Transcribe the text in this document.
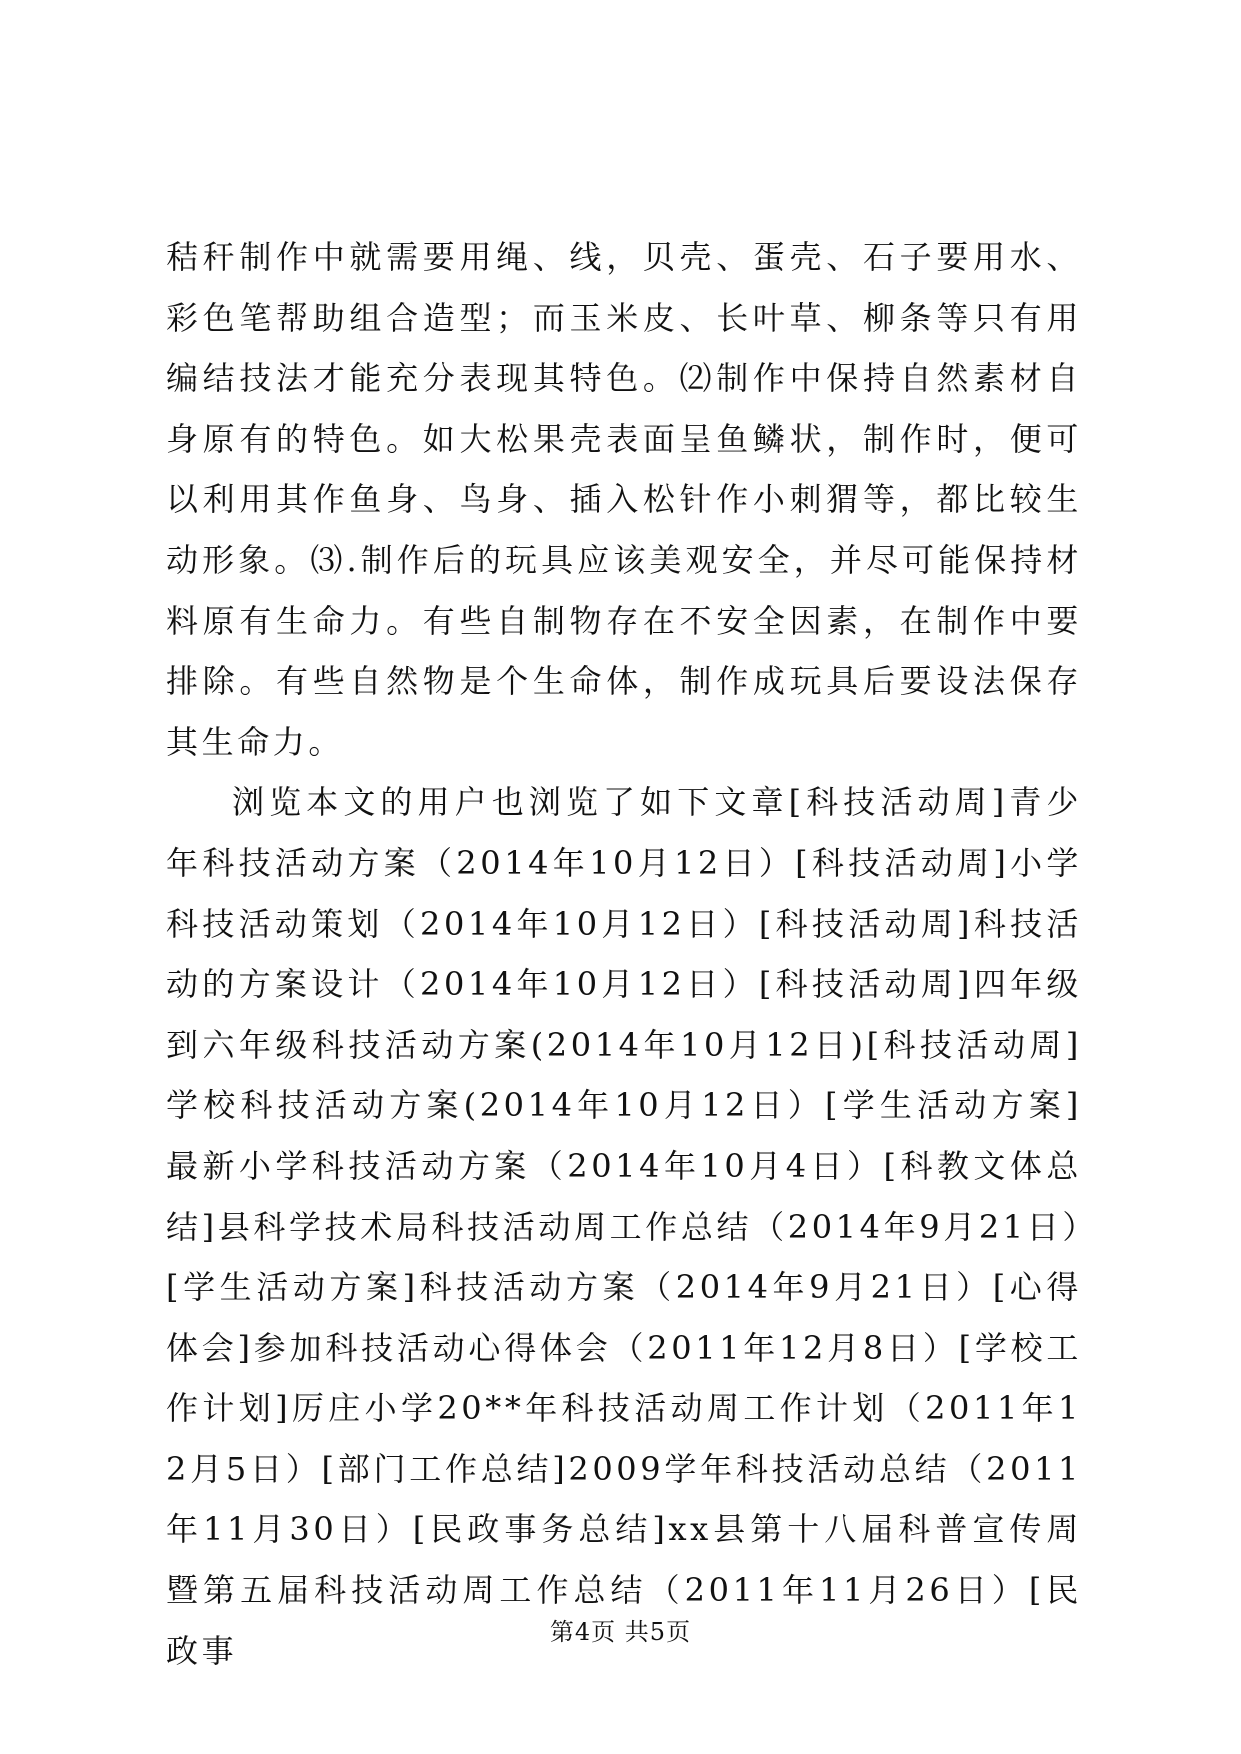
秸秆制作中就需要用绳、线，贝壳、蛋壳、石子要用水、彩色笔帮助组合造型；而玉米皮、长叶草、柳条等只有用编结技法才能充分表现其特色。⑵制作中保持自然素材自身原有的特色。如大松果壳表面呈鱼鳞状，制作时，便可以利用其作鱼身、鸟身、插入松针作小刺猬等，都比较生动形象。⑶.制作后的玩具应该美观安全，并尽可能保持材料原有生命力。有些自制物存在不安全因素，在制作中要排除。有些自然物是个生命体，制作成玩具后要设法保存其生命力。

浏览本文的用户也浏览了如下文章[科技活动周]青少年科技活动方案（2014年10月12日）[科技活动周]小学科技活动策划（2014年10月12日）[科技活动周]科技活动的方案设计（2014年10月12日）[科技活动周]四年级到六年级科技活动方案(2014年10月12日)[科技活动周]学校科技活动方案(2014年10月12日）[学生活动方案]最新小学科技活动方案（2014年10月4日）[科教文体总结]县科学技术局科技活动周工作总结（2014年9月21日）[学生活动方案]科技活动方案（2014年9月21日）[心得体会]参加科技活动心得体会（2011年12月8日）[学校工作计划]厉庄小学20**年科技活动周工作计划（2011年12月5日）[部门工作总结]2009学年科技活动总结（2011年11月30日）[民政事务总结]xx县第十八届科普宣传周暨第五届科技活动周工作总结（2011年11月26日）[民政事	第4页 共5页
